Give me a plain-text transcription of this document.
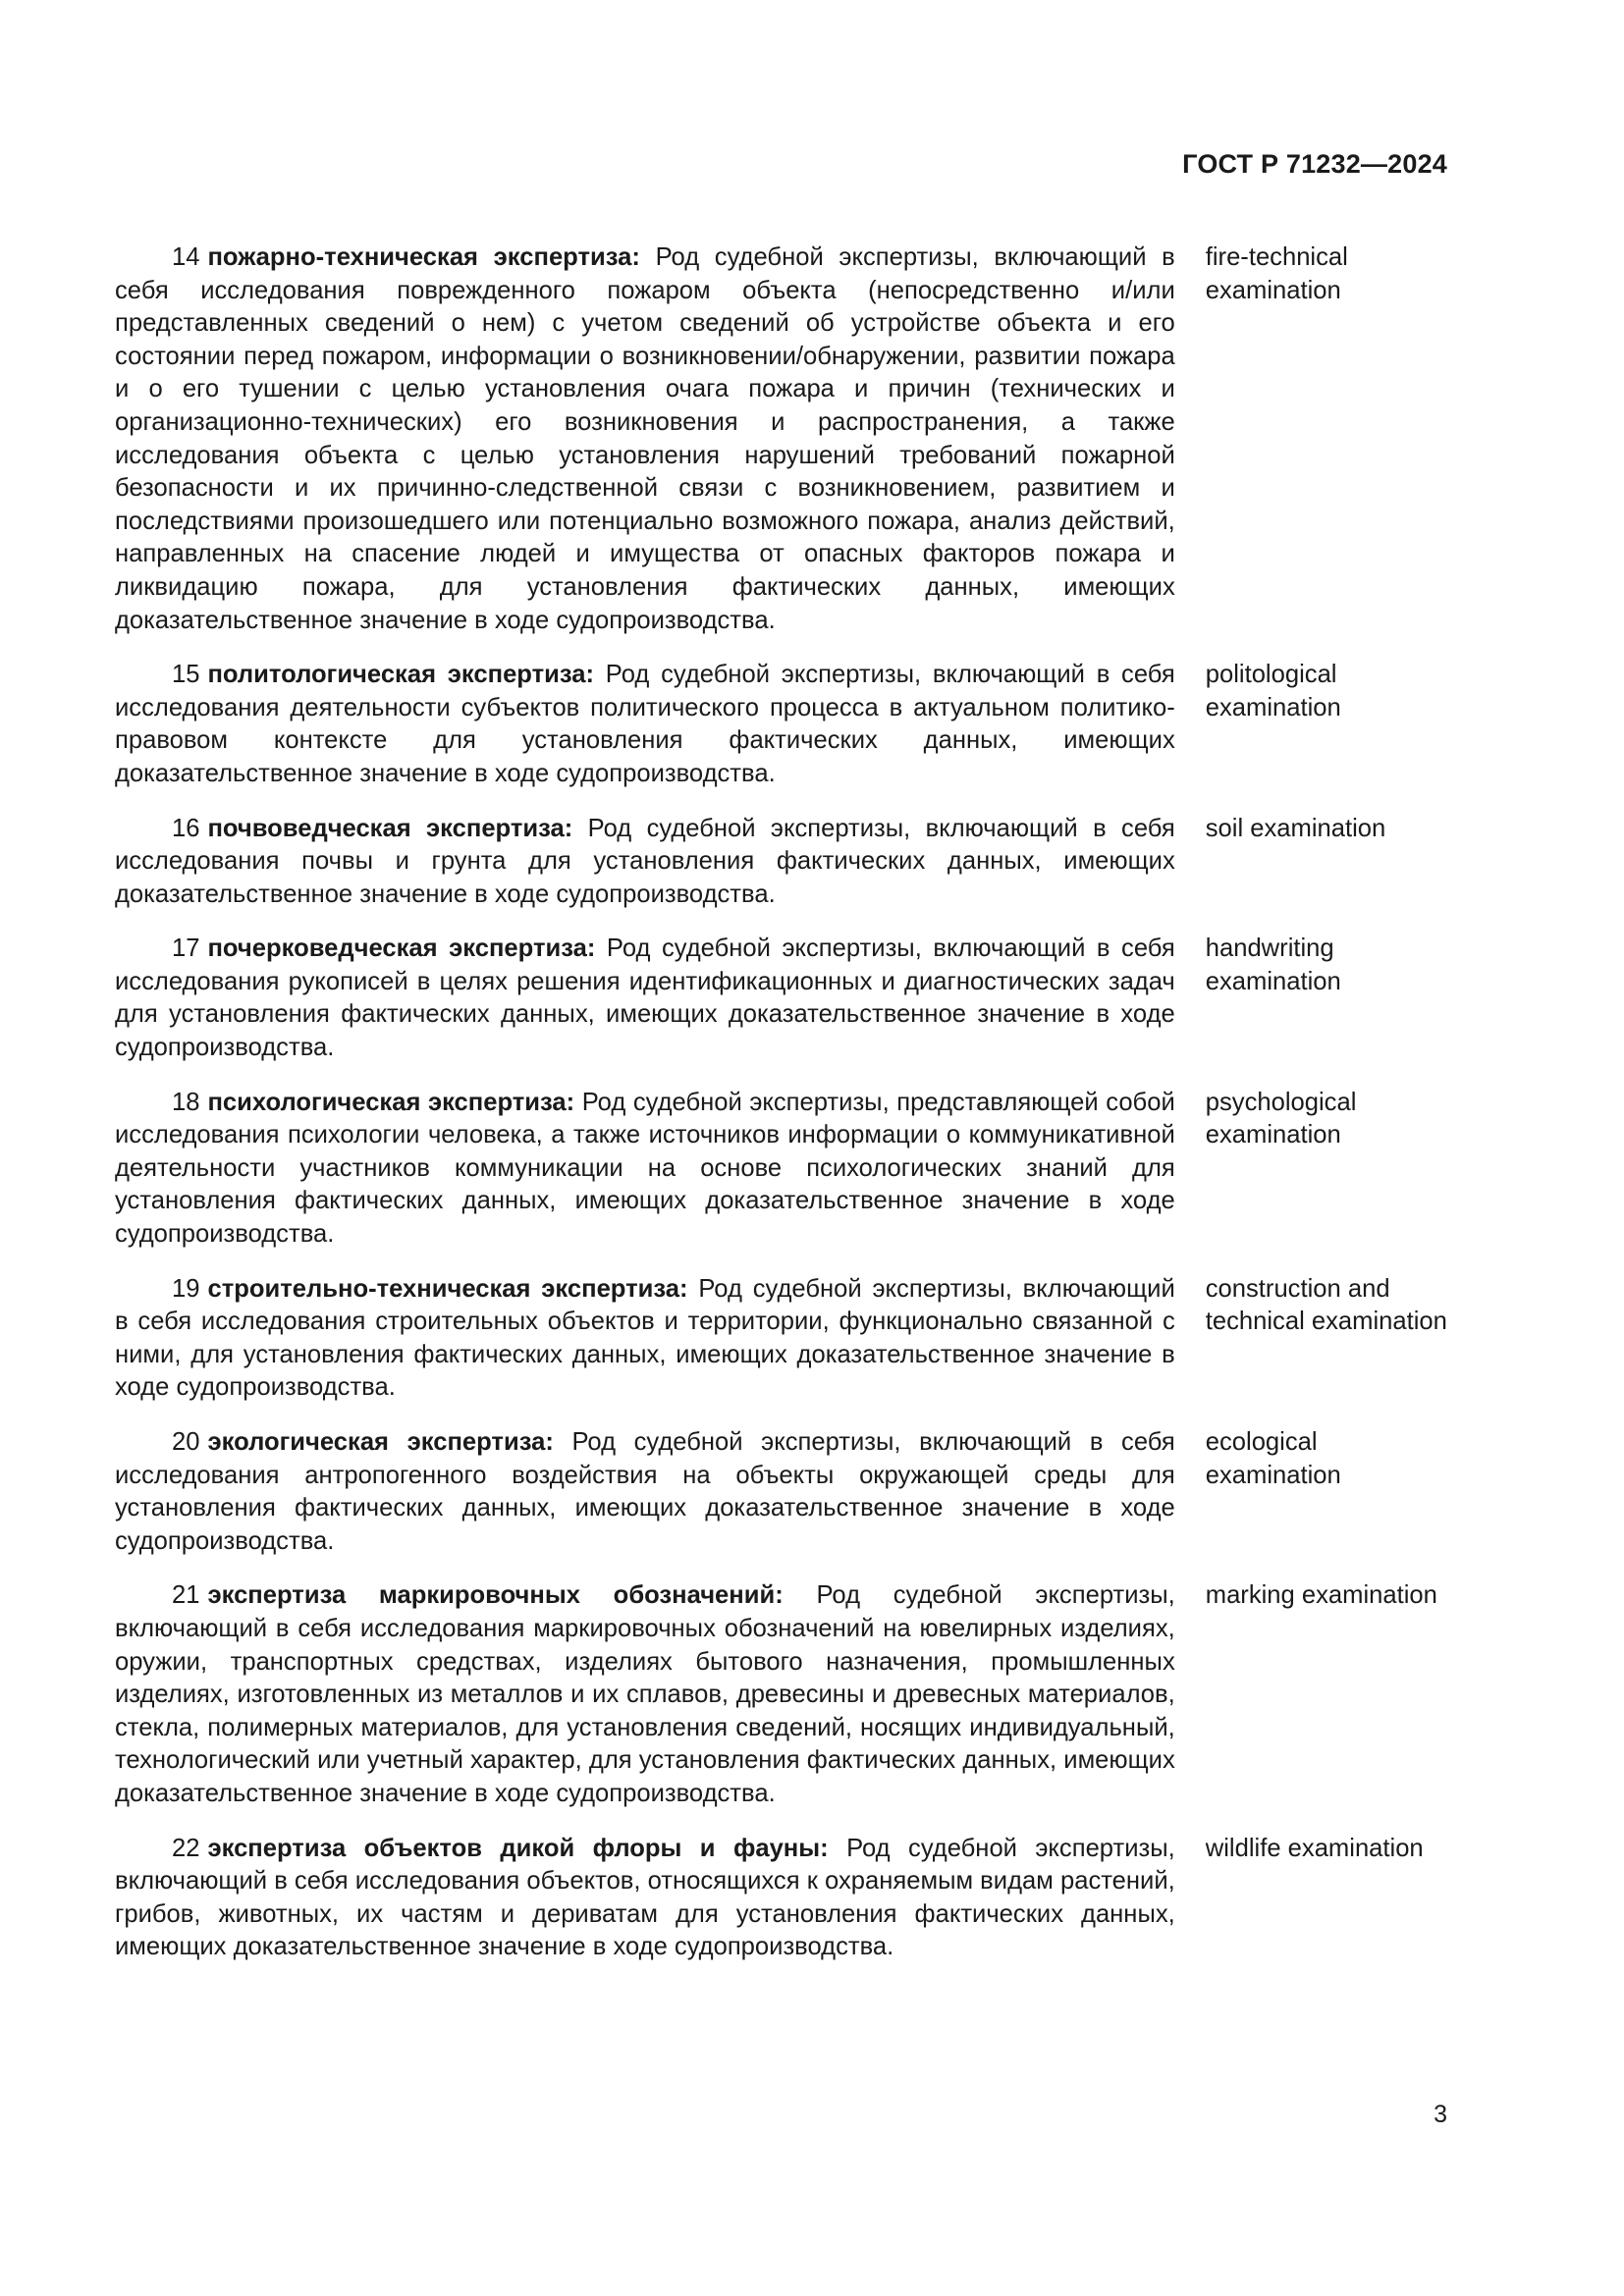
ГОСТ Р 71232—2024
14 пожарно-техническая экспертиза: Род судебной экспертизы, включающий в себя исследования поврежденного пожаром объекта (непосредственно и/или представленных сведений о нем) с учетом сведений об устройстве объекта и его состоянии перед пожаром, информации о возникновении/обнаружении, развитии пожара и о его тушении с целью установления очага пожара и причин (технических и организационно-технических) его возникновения и распространения, а также исследования объекта с целью установления нарушений требований пожарной безопасности и их причинно-следственной связи с возникновением, развитием и последствиями произошедшего или потенциально возможного пожара, анализ действий, направленных на спасение людей и имущества от опасных факторов пожара и ликвидацию пожара, для установления фактических данных, имеющих доказательственное значение в ходе судопроизводства.
fire-technical examination
15 политологическая экспертиза: Род судебной экспертизы, включающий в себя исследования деятельности субъектов политического процесса в актуальном политико-правовом контексте для установления фактических данных, имеющих доказательственное значение в ходе судопроизводства.
politological examination
16 почвоведческая экспертиза: Род судебной экспертизы, включающий в себя исследования почвы и грунта для установления фактических данных, имеющих доказательственное значение в ходе судопроизводства.
soil examination
17 почерковедческая экспертиза: Род судебной экспертизы, включающий в себя исследования рукописей в целях решения идентификационных и диагностических задач для установления фактических данных, имеющих доказательственное значение в ходе судопроизводства.
handwriting examination
18 психологическая экспертиза: Род судебной экспертизы, представляющей собой исследования психологии человека, а также источников информации о коммуникативной деятельности участников коммуникации на основе психологических знаний для установления фактических данных, имеющих доказательственное значение в ходе судопроизводства.
psychological examination
19 строительно-техническая экспертиза: Род судебной экспертизы, включающий в себя исследования строительных объектов и территории, функционально связанной с ними, для установления фактических данных, имеющих доказательственное значение в ходе судопроизводства.
construction and technical examination
20 экологическая экспертиза: Род судебной экспертизы, включающий в себя исследования антропогенного воздействия на объекты окружающей среды для установления фактических данных, имеющих доказательственное значение в ходе судопроизводства.
ecological examination
21 экспертиза маркировочных обозначений: Род судебной экспертизы, включающий в себя исследования маркировочных обозначений на ювелирных изделиях, оружии, транспортных средствах, изделиях бытового назначения, промышленных изделиях, изготовленных из металлов и их сплавов, древесины и древесных материалов, стекла, полимерных материалов, для установления сведений, носящих индивидуальный, технологический или учетный характер, для установления фактических данных, имеющих доказательственное значение в ходе судопроизводства.
marking examination
22 экспертиза объектов дикой флоры и фауны: Род судебной экспертизы, включающий в себя исследования объектов, относящихся к охраняемым видам растений, грибов, животных, их частям и дериватам для установления фактических данных, имеющих доказательственное значение в ходе судопроизводства.
wildlife examination
3
